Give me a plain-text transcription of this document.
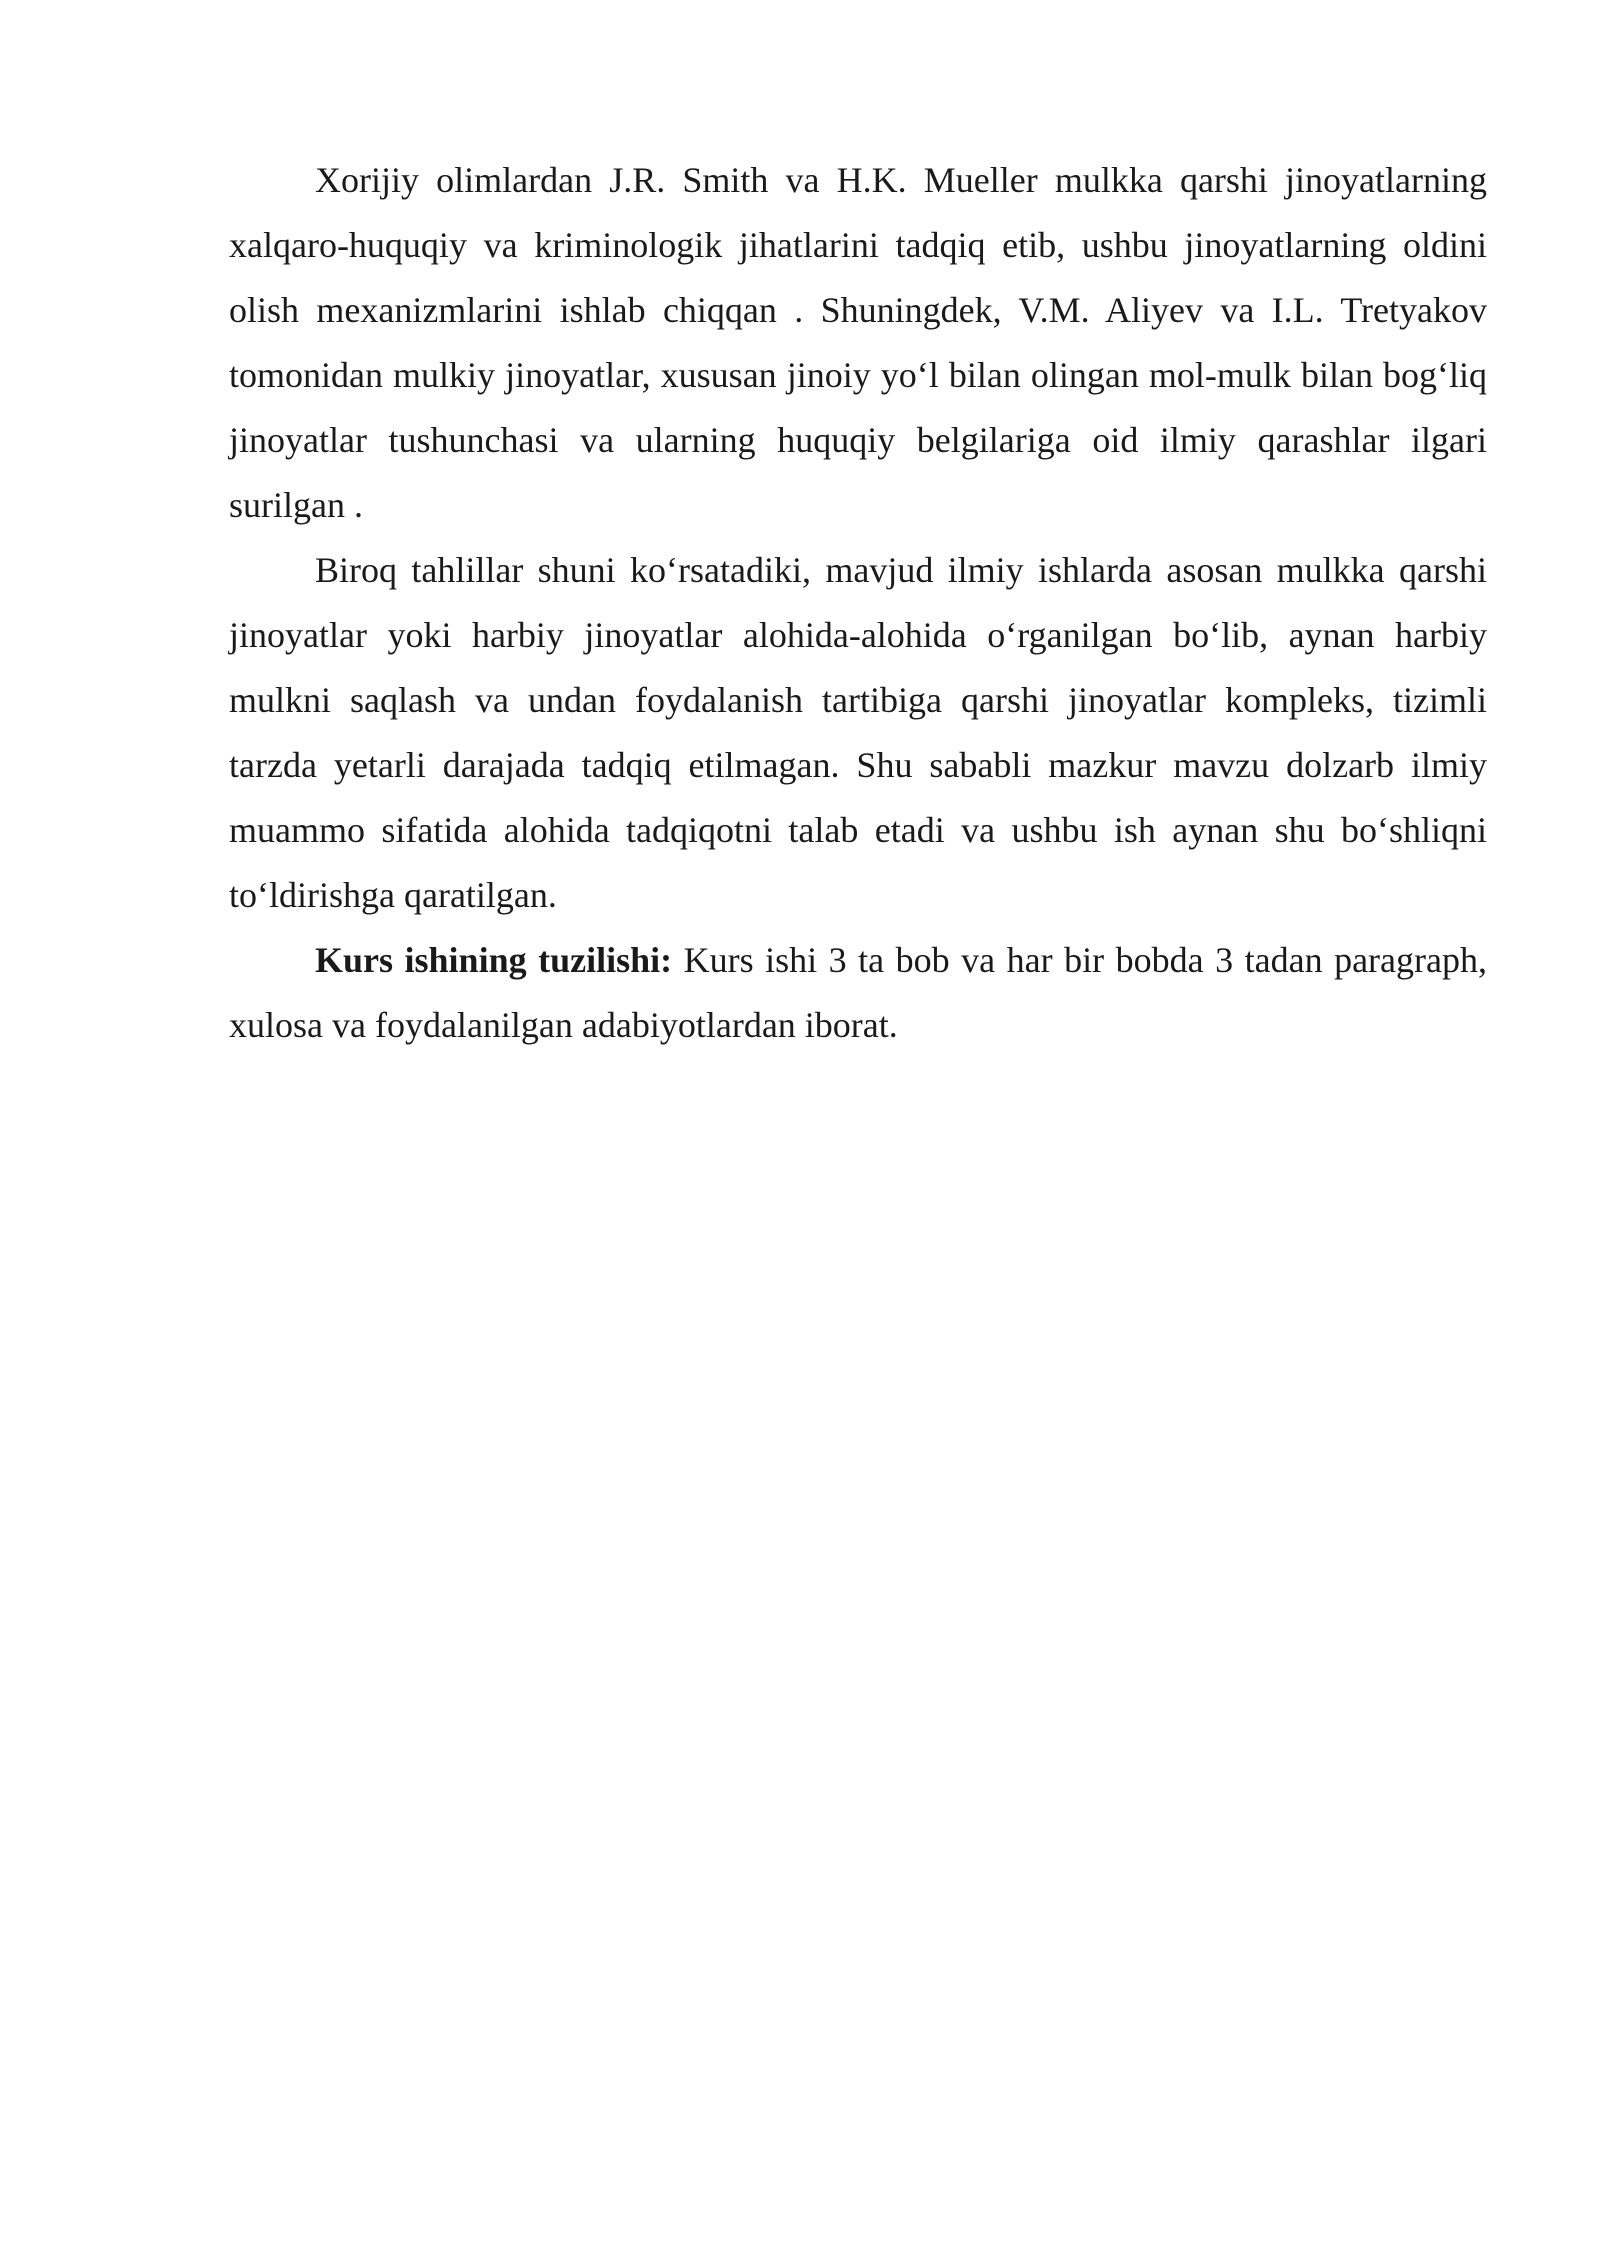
Xorijiy olimlardan J.R. Smith va H.K. Mueller mulkka qarshi jinoyatlarning xalqaro-huquqiy va kriminologik jihatlarini tadqiq etib, ushbu jinoyatlarning oldini olish mexanizmlarini ishlab chiqqan . Shuningdek, V.M. Aliyev va I.L. Tretyakov tomonidan mulkiy jinoyatlar, xususan jinoiy yo‘l bilan olingan mol-mulk bilan bog‘liq jinoyatlar tushunchasi va ularning huquqiy belgilariga oid ilmiy qarashlar ilgari surilgan .

Biroq tahlillar shuni ko‘rsatadiki, mavjud ilmiy ishlarda asosan mulkka qarshi jinoyatlar yoki harbiy jinoyatlar alohida-alohida o‘rganilgan bo‘lib, aynan harbiy mulkni saqlash va undan foydalanish tartibiga qarshi jinoyatlar kompleks, tizimli tarzda yetarli darajada tadqiq etilmagan. Shu sababli mazkur mavzu dolzarb ilmiy muammo sifatida alohida tadqiqotni talab etadi va ushbu ish aynan shu bo‘shliqni to‘ldirishga qaratilgan.

Kurs ishining tuzilishi: Kurs ishi 3 ta bob va har bir bobda 3 tadan paragraph, xulosa va foydalanilgan adabiyotlardan iborat.
